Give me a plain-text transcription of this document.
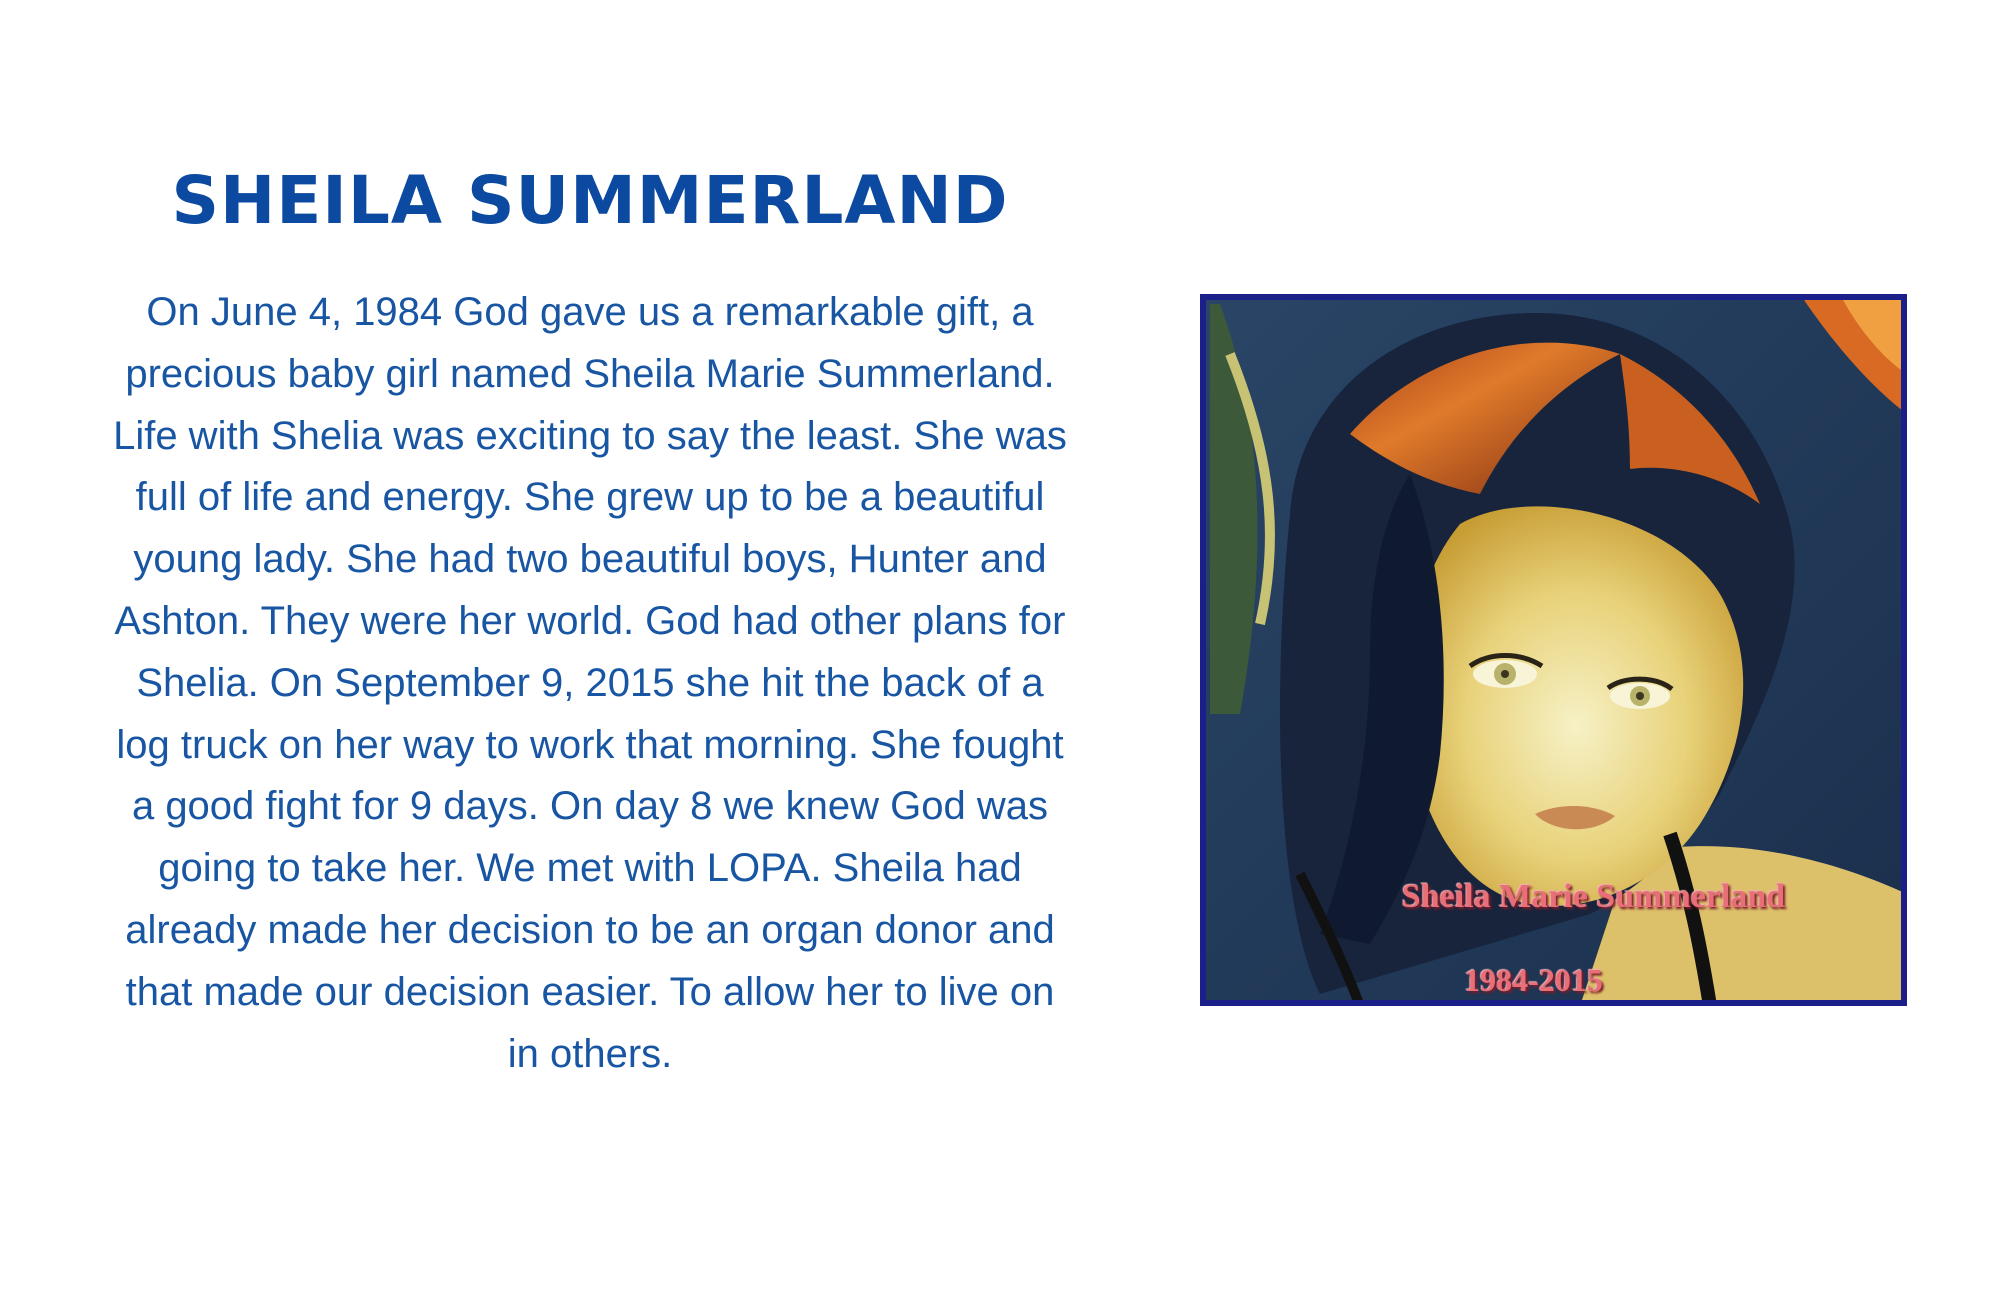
SHEILA SUMMERLAND

On June 4, 1984 God gave us a remarkable gift, a precious baby girl named Sheila Marie Summerland. Life with Shelia was exciting to say the least. She was full of life and energy. She grew up to be a beautiful young lady. She had two beautiful boys, Hunter and Ashton. They were her world. God had other plans for Shelia. On September 9, 2015 she hit the back of a log truck on her way to work that morning. She fought a good fight for 9 days. On day 8 we knew God was going to take her. We met with LOPA. Sheila had already made her decision to be an organ donor and that made our decision easier. To allow her to live on in others.

Sheila Marie Summerland

1984-2015
